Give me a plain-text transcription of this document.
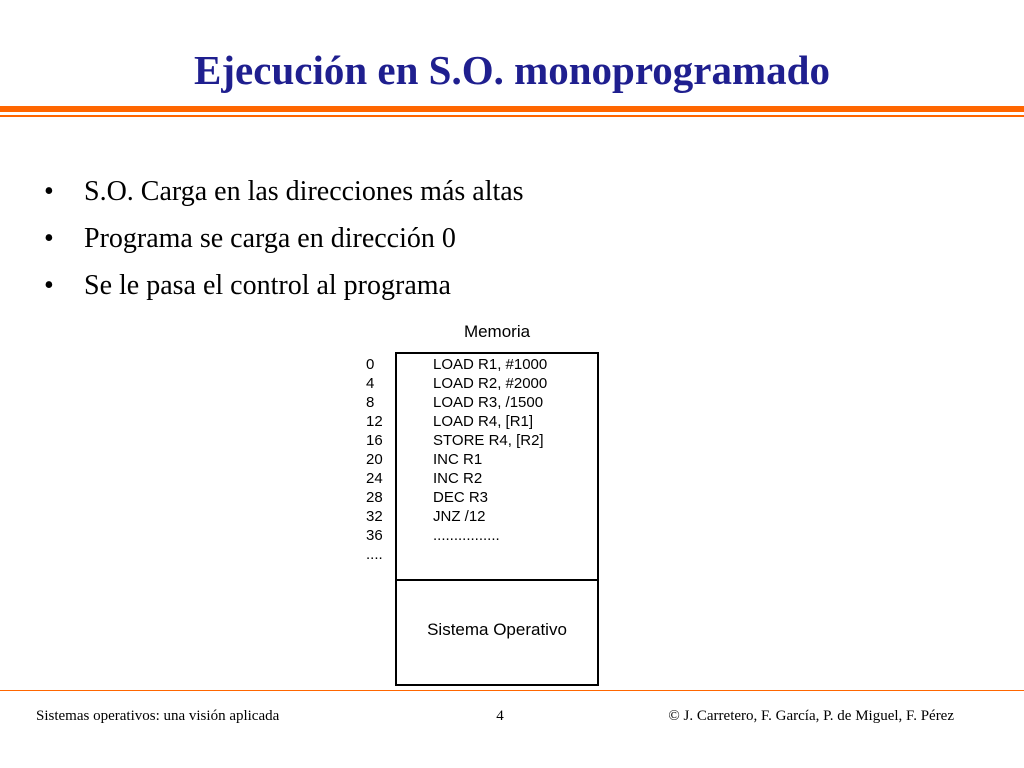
Ejecución en S.O. monoprogramado
• S.O. Carga en las direcciones más altas
• Programa se carga en dirección 0
• Se le pasa el control al programa
Memoria
0
4
8
12
16
20
24
28
32
36
....
Sistema Operativo
LOAD R1, #1000
LOAD R2, #2000
LOAD R3, /1500
LOAD R4, [R1]
STORE R4, [R2]
INC R1
INC R2
DEC R3
JNZ /12
................
Sistemas operativos: una visión aplicada	4	© J. Carretero, F. García, P. de Miguel, F. Pérez
